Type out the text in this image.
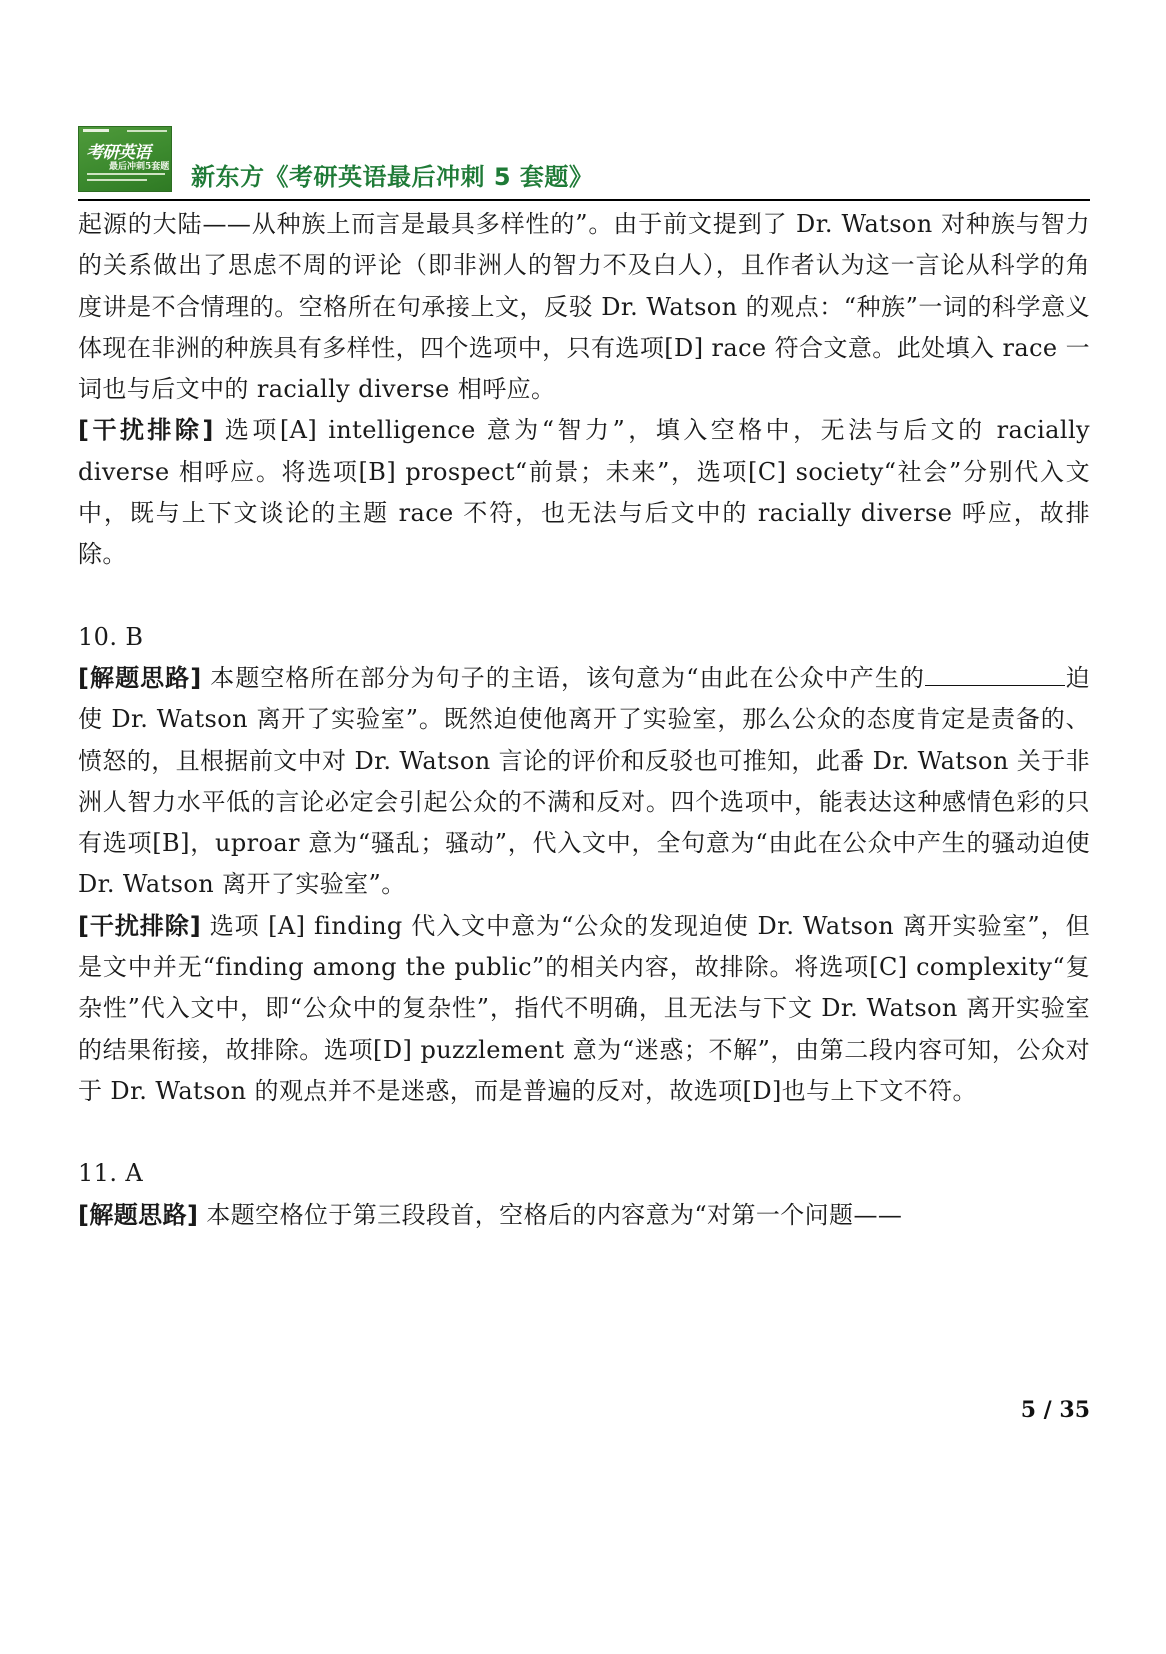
考研英语
最后冲刺5套题 新东方《考研英语最后冲刺 5 套题》

起源的大陆——从种族上而言是最具多样性的”。由于前文提到了 Dr. Watson 对种族与智力的关系做出了思虑不周的评论（即非洲人的智力不及白人），且作者认为这一言论从科学的角度讲是不合情理的。空格所在句承接上文，反驳 Dr. Watson 的观点：“种族”一词的科学意义体现在非洲的种族具有多样性，四个选项中，只有选项[D] race 符合文意。此处填入 race 一词也与后文中的 racially diverse 相呼应。

[干扰排除] 选项[A] intelligence 意为“智力”，填入空格中，无法与后文的 racially diverse 相呼应。将选项[B] prospect“前景；未来”，选项[C] society“社会”分别代入文中，既与上下文谈论的主题 race 不符，也无法与后文中的 racially diverse 呼应，故排除。

10. B

[解题思路] 本题空格所在部分为句子的主语，该句意为“由此在公众中产生的	迫使 Dr. Watson 离开了实验室”。既然迫使他离开了实验室，那么公众的态度肯定是责备的、 愤怒的，且根据前文中对 Dr. Watson 言论的评价和反驳也可推知，此番 Dr. Watson 关于非洲人智力水平低的言论必定会引起公众的不满和反对。四个选项中，能表达这种感情色彩的只有选项[B]，uproar 意为“骚乱；骚动”，代入文中，全句意为“由此在公众中产生的骚动迫使 Dr. Watson 离开了实验室”。

[干扰排除] 选项 [A] finding 代入文中意为“公众的发现迫使 Dr. Watson 离开实验室”，但是文中并无“finding among the public”的相关内容，故排除。将选项[C] complexity“复杂性”代入文中，即“公众中的复杂性”，指代不明确，且无法与下文 Dr. Watson 离开实验室的结果衔接，故排除。选项[D] puzzlement 意为“迷惑；不解”，由第二段内容可知，公众对于 Dr. Watson 的观点并不是迷惑，而是普遍的反对，故选项[D]也与上下文不符。

11. A

[解题思路] 本题空格位于第三段段首，空格后的内容意为“对第一个问题——

5 / 35
